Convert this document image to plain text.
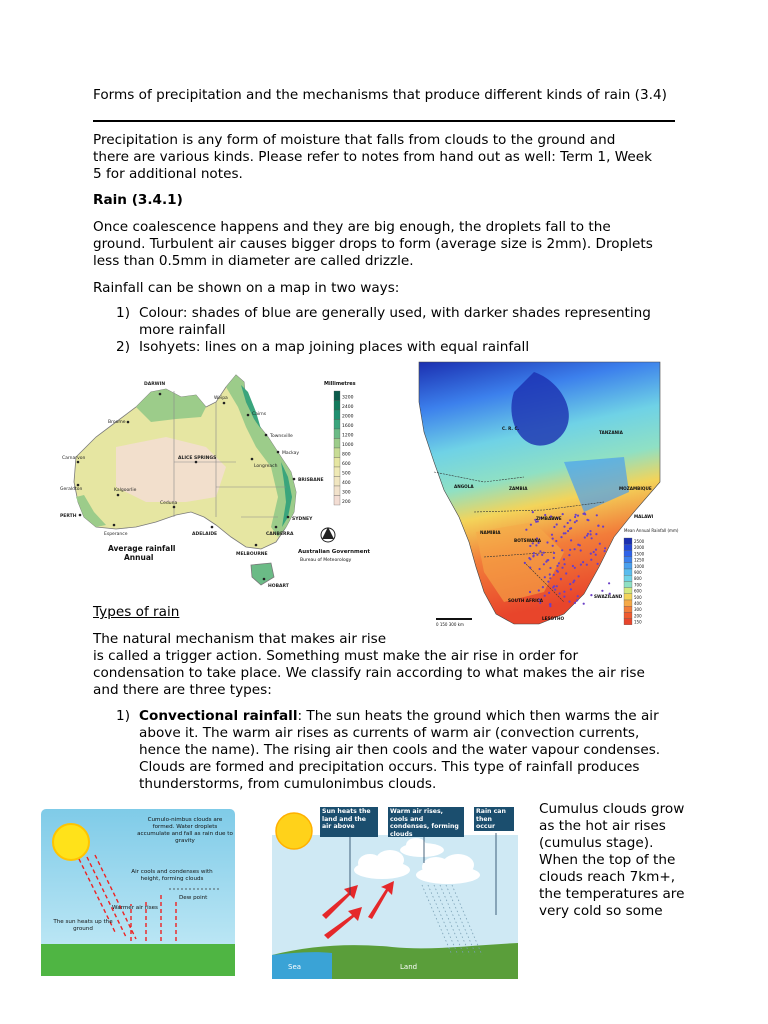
Forms of precipitation and the mechanisms that produce different kinds of rain (3.4)
Precipitation is any form of moisture that falls from clouds to the ground and there are various kinds. Please refer to notes from hand out as well: Term 1, Week 5 for additional notes.
Rain (3.4.1)
Once coalescence happens and they are big enough, the droplets fall to the ground. Turbulent air causes bigger drops to form (average size is 2mm). Droplets less than 0.5mm in diameter are called drizzle.
Rainfall can be shown on a map in two ways:
1) Colour: shades of blue are generally used, with darker shades representing more rainfall
2) Isohyets: lines on a map joining places with equal rainfall
DARWIN
Weipa
Cairns
Broome
Townsville
Mackay
ALICE SPRINGS
Longreach
Carnarvon
BRISBANE
Geraldton	Kalgoorlie
SYDNEY
PERTH
Esperance
Ceduna
ADELAIDE	CANBERRA
MELBOURNE
HOBART
Millimetres
3200
2400
2000
1600
1200
1000
800
600
500
400
300
200
Average rainfall
Annual
Australian Government
Bureau of Meteorology
C. R. C.
TANZANIA
ANGOLA	ZAMBIA	MOZAMBIQUE
MALAWI
ZIMBABWE
NAMIBIA
BOTSWANA
SOUTH AFRICA
SWAZILAND
LESOTHO
Mean Annual Rainfall (mm)
2500
2000
1500
1250
1000
900
800
700
600
500
400
300
200
150
0 150 300 km
Types of rain
The natural mechanism that makes air rise
is called a trigger action. Something must make the air rise in order for condensation to take place. We classify rain according to what makes the air rise and there are three types:
1) Convectional rainfall: The sun heats the ground which then warms the air above it. The warm air rises as currents of warm air (convection currents, hence the name). The rising air then cools and the water vapour condenses. Clouds are formed and precipitation occurs. This type of rainfall produces thunderstorms, from cumulonimbus clouds.
Cumulo-nimbus clouds are formed. Water droplets accumulate and fall as rain due to gravity
Air cools and condenses with height, forming clouds
Dew point
Warmer air rises
The sun heats up the ground
Sun heats the land and the air above
Warm air rises, cools and condenses, forming clouds
Rain can then occur
Sea	Land
Cumulus clouds grow as the hot air rises (cumulus stage). When the top of the clouds reach 7km+, the temperatures are very cold so some
